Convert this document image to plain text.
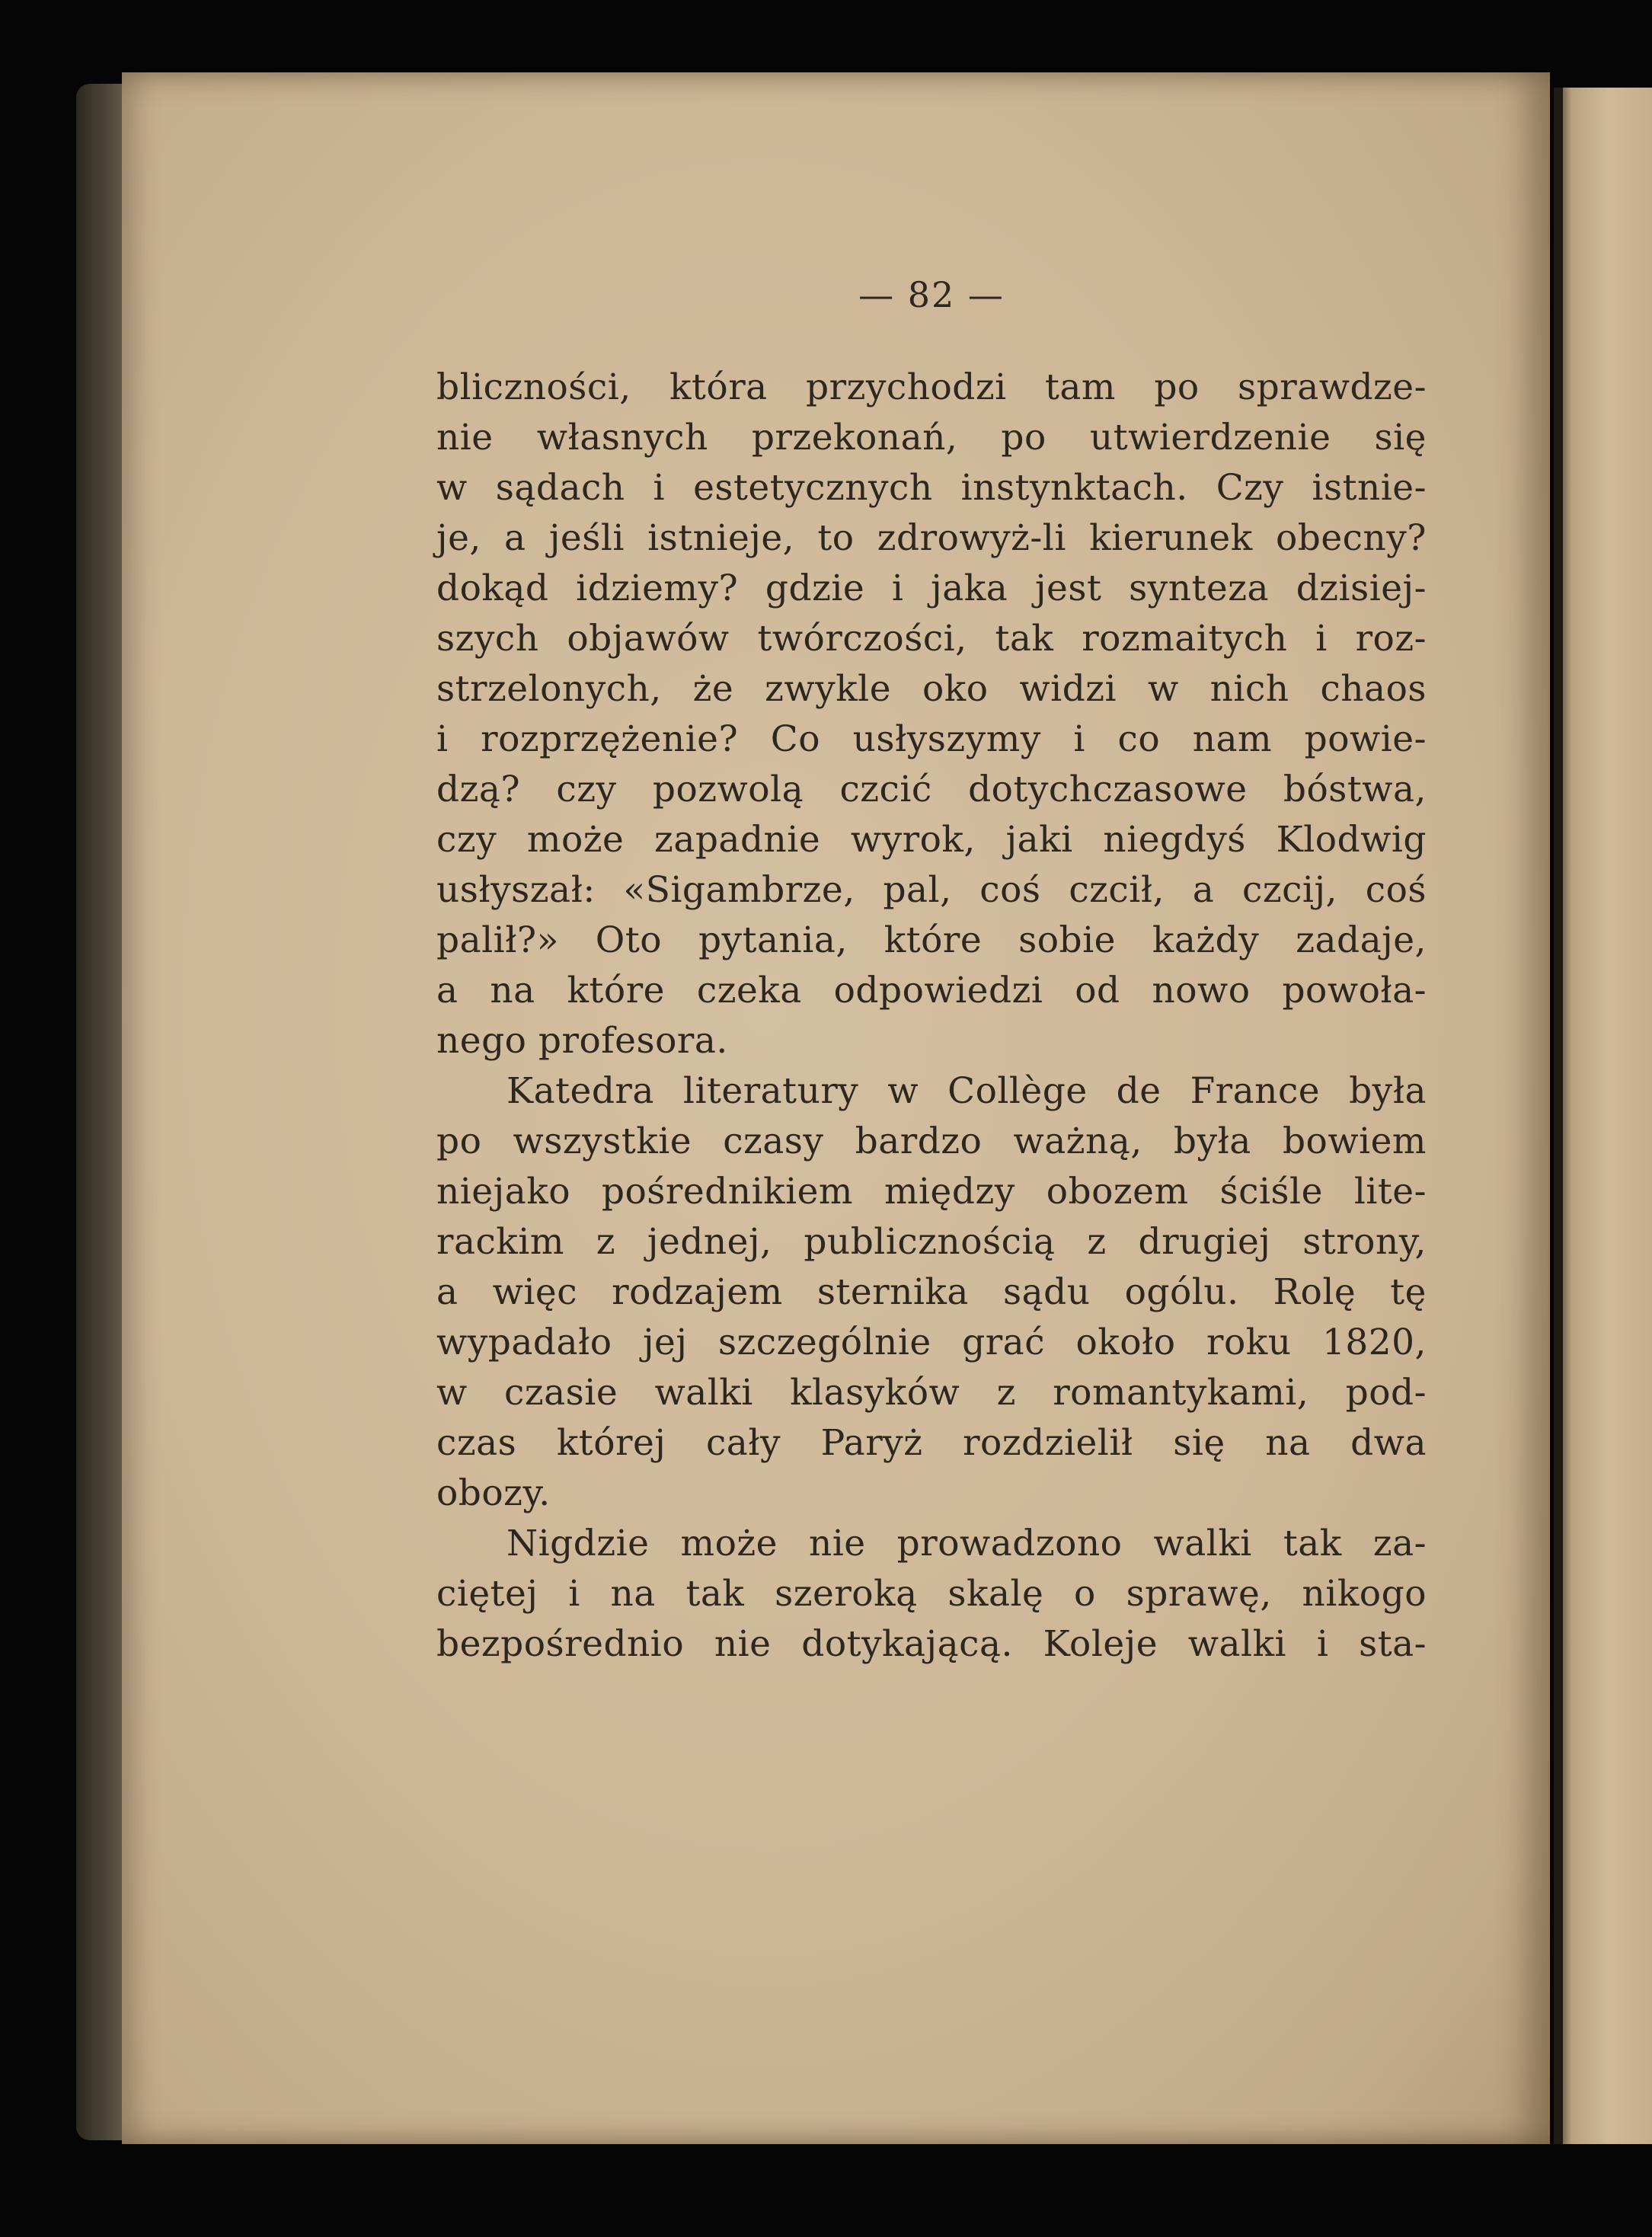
— 82 —
bliczności, która przychodzi tam po sprawdze-
nie własnych przekonań, po utwierdzenie się
w sądach i estetycznych instynktach. Czy istnie-
je, a jeśli istnieje, to zdrowyż-li kierunek obecny?
dokąd idziemy? gdzie i jaka jest synteza dzisiej-
szych objawów twórczości, tak rozmaitych i roz-
strzelonych, że zwykle oko widzi w nich chaos
i rozprzężenie? Co usłyszymy i co nam powie-
dzą? czy pozwolą czcić dotychczasowe bóstwa,
czy może zapadnie wyrok, jaki niegdyś Klodwig
usłyszał: «Sigambrze, pal, coś czcił, a czcij, coś
palił?» Oto pytania, które sobie każdy zadaje,
a na które czeka odpowiedzi od nowo powoła-
nego profesora.
Katedra literatury w Collège de France była
po wszystkie czasy bardzo ważną, była bowiem
niejako pośrednikiem między obozem ściśle lite-
rackim z jednej, publicznością z drugiej strony,
a więc rodzajem sternika sądu ogólu. Rolę tę
wypadało jej szczególnie grać około roku 1820,
w czasie walki klasyków z romantykami, pod-
czas której cały Paryż rozdzielił się na dwa
obozy.
Nigdzie może nie prowadzono walki tak za-
ciętej i na tak szeroką skalę o sprawę, nikogo
bezpośrednio nie dotykającą. Koleje walki i sta-
